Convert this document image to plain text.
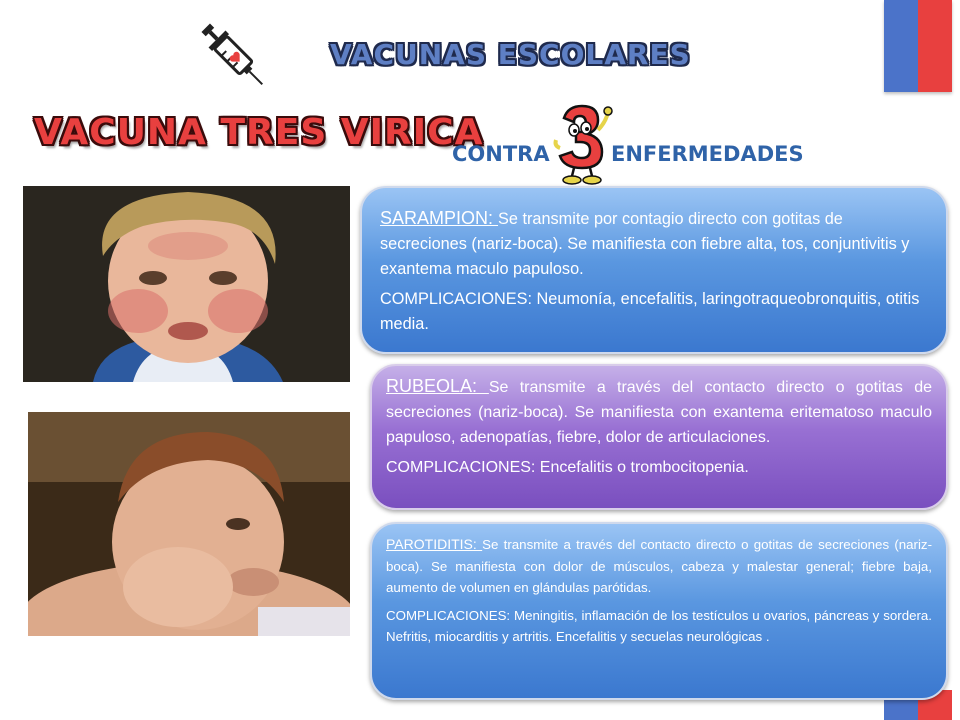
VACUNAS ESCOLARES
VACUNA TRES VIRICA
CONTRA	ENFERMEDADES

SARAMPION: Se transmite por contagio directo con gotitas de secreciones (nariz-boca). Se manifiesta con fiebre alta, tos, conjuntivitis y exantema maculo papuloso.

COMPLICACIONES: Neumonía, encefalitis, laringotraqueobronquitis, otitis media.

RUBEOLA: Se transmite a través del contacto directo o gotitas de secreciones (nariz-boca). Se manifiesta con exantema eritematoso maculo papuloso, adenopatías, fiebre, dolor de articulaciones.

COMPLICACIONES: Encefalitis o trombocitopenia.

PAROTIDITIS: Se transmite a través del contacto directo o gotitas de secreciones (nariz-boca). Se manifiesta con dolor de músculos, cabeza y malestar general; fiebre baja, aumento de volumen en glándulas parótidas.

COMPLICACIONES: Meningitis, inflamación de los testículos u ovarios, páncreas y sordera. Nefritis, miocarditis y artritis. Encefalitis y secuelas neurológicas .
